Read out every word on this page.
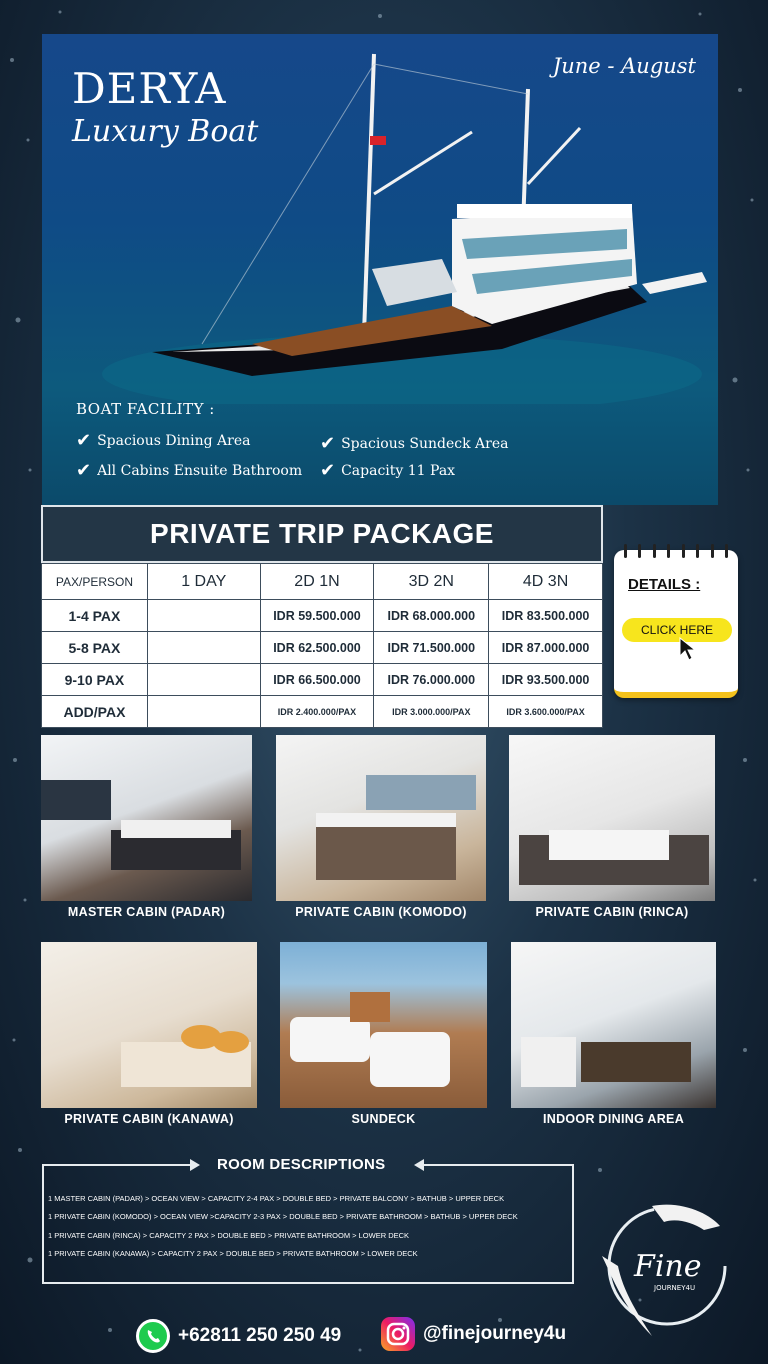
DERYA
Luxury Boat
June - August
BOAT FACILITY :
✔ Spacious Dining Area	✔ Spacious Sundeck Area
✔ All Cabins Ensuite Bathroom ✔ Capacity 11 Pax
PRIVATE TRIP PACKAGE
PAX/PERSON	1 DAY	2D 1N	3D 2N	4D 3N
1-4 PAX		IDR 59.500.000	IDR 68.000.000	IDR 83.500.000
5-8 PAX		IDR 62.500.000	IDR 71.500.000	IDR 87.000.000
9-10 PAX		IDR 66.500.000	IDR 76.000.000	IDR 93.500.000
ADD/PAX		IDR 2.400.000/PAX	IDR 3.000.000/PAX	IDR 3.600.000/PAX
DETAILS :
CLICK HERE
MASTER CABIN (PADAR)	PRIVATE CABIN (KOMODO)	PRIVATE CABIN (RINCA)
PRIVATE CABIN (KANAWA)	SUNDECK	INDOOR DINING AREA
ROOM DESCRIPTIONS
1 MASTER CABIN (PADAR) > OCEAN VIEW > CAPACITY 2-4 PAX > DOUBLE BED > PRIVATE BALCONY > BATHUB > UPPER DECK
1 PRIVATE CABIN (KOMODO) > OCEAN VIEW >CAPACITY 2-3 PAX > DOUBLE BED > PRIVATE BATHROOM > BATHUB > UPPER DECK
1 PRIVATE CABIN (RINCA) > CAPACITY 2 PAX > DOUBLE BED > PRIVATE BATHROOM > LOWER DECK
1 PRIVATE CABIN (KANAWA) > CAPACITY 2 PAX > DOUBLE BED > PRIVATE BATHROOM > LOWER DECK	Fine
JOURNEY4U
+62811 250 250 49	@finejourney4u
